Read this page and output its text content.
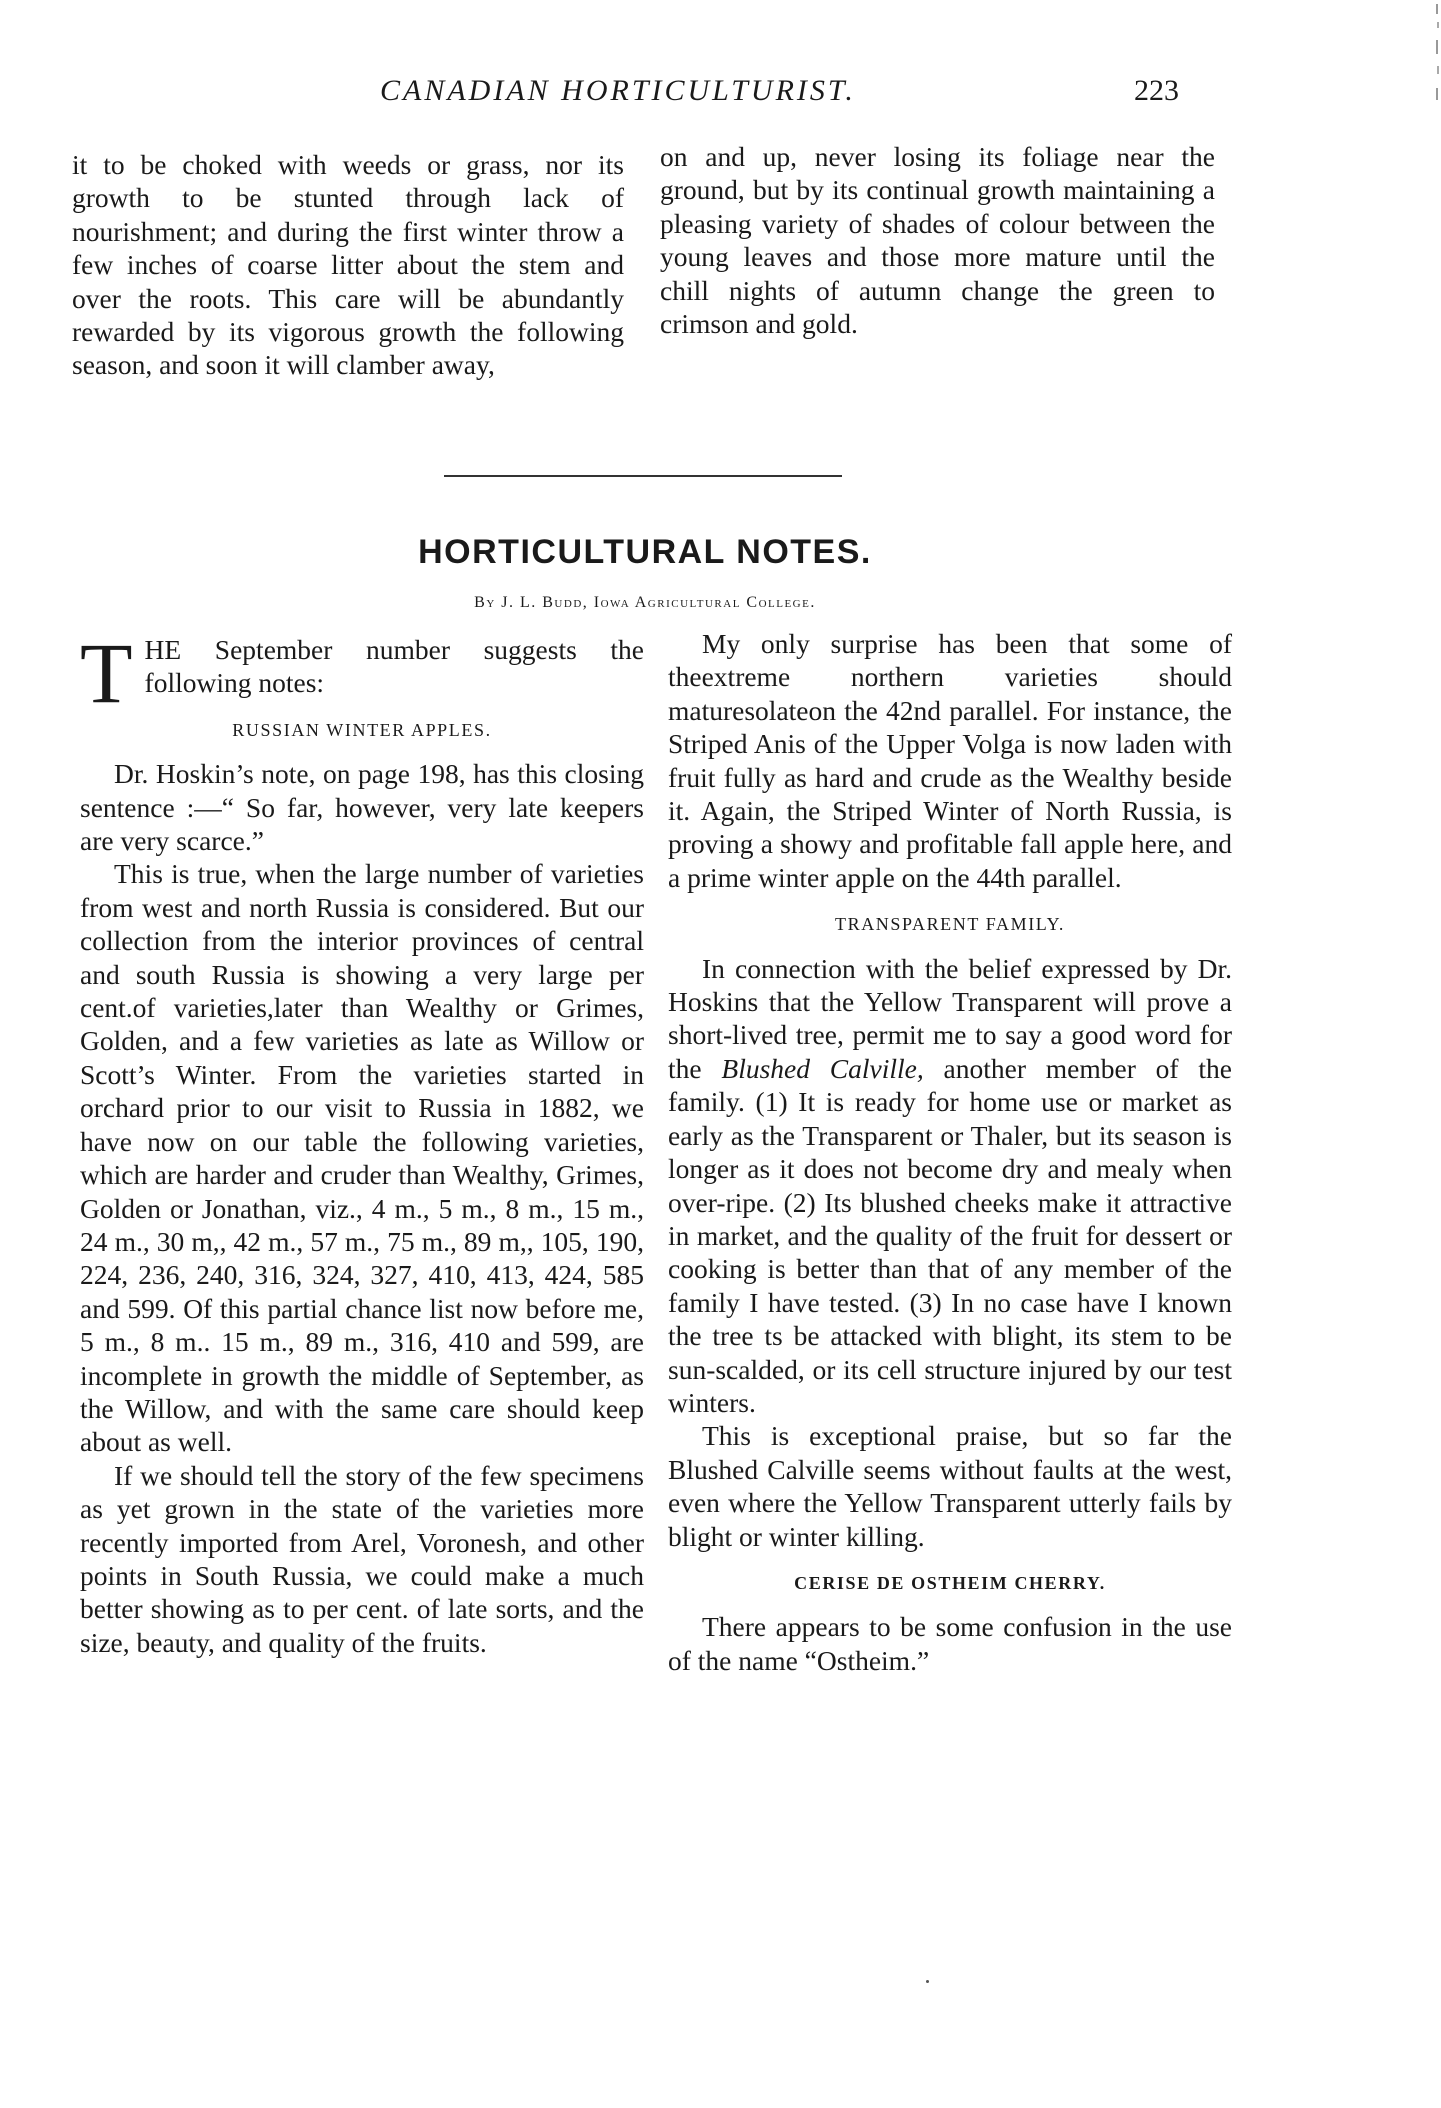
CANADIAN HORTICULTURIST.	223
it to be choked with weeds or grass, nor its growth to be stunted through lack of nourishment; and during the first winter throw a few inches of coarse litter about the stem and over the roots. This care will be abundantly rewarded by its vigorous growth the following season, and soon it will clamber away,
on and up, never losing its foliage near the ground, but by its continual growth maintaining a pleasing variety of shades of colour between the young leaves and those more mature until the chill nights of autumn change the green to crimson and gold.
HORTICULTURAL NOTES.
By J. L. Budd, Iowa Agricultural College.

THE September number suggests the following notes:

RUSSIAN WINTER APPLES.

Dr. Hoskin’s note, on page 198, has this closing sentence :—“ So far, however, very late keepers are very scarce.”

This is true, when the large number of varieties from west and north Russia is considered. But our collection from the interior provinces of central and south Russia is showing a very large per cent.of varieties,later than Wealthy or Grimes, Golden, and a few varieties as late as Willow or Scott’s Winter. From the varieties started in orchard prior to our visit to Russia in 1882, we have now on our table the following varieties, which are harder and cruder than Wealthy, Grimes, Golden or Jonathan, viz., 4 m., 5 m., 8 m., 15 m., 24 m., 30 m,, 42 m., 57 m., 75 m., 89 m,, 105, 190, 224, 236, 240, 316, 324, 327, 410, 413, 424, 585 and 599. Of this partial chance list now before me, 5 m., 8 m.. 15 m., 89 m., 316, 410 and 599, are incomplete in growth the middle of September, as the Willow, and with the same care should keep about as well.

If we should tell the story of the few specimens as yet grown in the state of the varieties more recently imported from Arel, Voronesh, and other points in South Russia, we could make a much better showing as to per cent. of late sorts, and the size, beauty, and quality of the fruits.

My only surprise has been that some of theextreme northern varieties should maturesolateon the 42nd parallel. For instance, the Striped Anis of the Upper Volga is now laden with fruit fully as hard and crude as the Wealthy beside it. Again, the Striped Winter of North Russia, is proving a showy and profitable fall apple here, and a prime winter apple on the 44th parallel.

TRANSPARENT FAMILY.

In connection with the belief expressed by Dr. Hoskins that the Yellow Transparent will prove a short-lived tree, permit me to say a good word for the Blushed Calville, another member of the family. (1) It is ready for home use or market as early as the Transparent or Thaler, but its season is longer as it does not become dry and mealy when over-ripe. (2) Its blushed cheeks make it attractive in market, and the quality of the fruit for dessert or cooking is better than that of any member of the family I have tested. (3) In no case have I known the tree ts be attacked with blight, its stem to be sun-scalded, or its cell structure injured by our test winters.

This is exceptional praise, but so far the Blushed Calville seems without faults at the west, even where the Yellow Transparent utterly fails by blight or winter killing.

CERISE DE OSTHEIM CHERRY.

There appears to be some confusion in the use of the name “Ostheim.”
